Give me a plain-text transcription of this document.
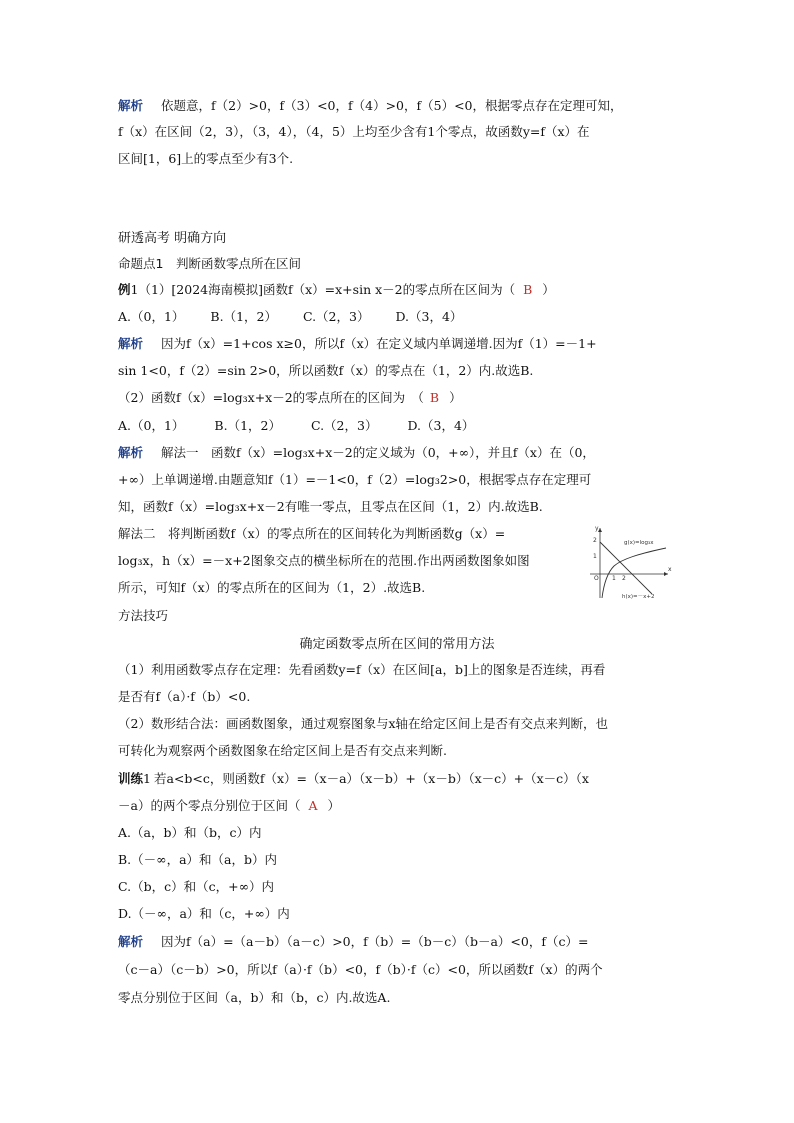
解析 依题意，f（2）>0，f（3）<0，f（4）>0，f（5）<0，根据零点存在定理可知，
f（x）在区间（2，3），（3，4），（4，5）上均至少含有1个零点，故函数y=f（x）在
区间[1，6]上的零点至少有3个.
研透高考 明确方向
命题点1　判断函数零点所在区间
例1（1）[2024海南模拟]函数f（x）=x+sin x－2的零点所在区间为（ B ）
A.（0，1） B.（1，2） C.（2，3） D.（3，4）
解析 因为f（x）=1+cos x≥0，所以f（x）在定义域内单调递增.因为f（1）=－1+
sin 1<0，f（2）=sin 2>0，所以函数f（x）的零点在（1，2）内.故选B.
（2）函数f（x）=log₃x+x－2的零点所在的区间为　（ B ）
A.（0，1） B.（1，2） C.（2，3） D.（3，4）
解析 解法一　函数f（x）=log₃x+x－2的定义域为（0，+∞），并且f（x）在（0，
+∞）上单调递增.由题意知f（1）=－1<0，f（2）=log₃2>0，根据零点存在定理可
知，函数f（x）=log₃x+x－2有唯一零点，且零点在区间（1，2）内.故选B.
解法二　将判断函数f（x）的零点所在的区间转化为判断函数g（x）=
log₃x，h（x）=－x+2图象交点的横坐标所在的范围.作出两函数图象如图
所示，可知f（x）的零点所在的区间为（1，2）.故选B.
y
x
O
2
1
1 2
g(x)=log₃x
h(x)=－x+2
方法技巧
确定函数零点所在区间的常用方法
（1）利用函数零点存在定理：先看函数y=f（x）在区间[a，b]上的图象是否连续，再看
是否有f（a）·f（b）<0.
（2）数形结合法：画函数图象，通过观察图象与x轴在给定区间上是否有交点来判断，也
可转化为观察两个函数图象在给定区间上是否有交点来判断.
训练1 若a<b<c，则函数f（x）=（x－a）（x－b）+（x－b）（x－c）+（x－c）（x
－a）的两个零点分别位于区间（ A ）
A.（a，b）和（b，c）内
B.（－∞，a）和（a，b）内
C.（b，c）和（c，+∞）内
D.（－∞，a）和（c，+∞）内
解析 因为f（a）=（a－b）（a－c）>0，f（b）=（b－c）（b－a）<0，f（c）=
（c－a）（c－b）>0，所以f（a）·f（b）<0，f（b）·f（c）<0，所以函数f（x）的两个
零点分别位于区间（a，b）和（b，c）内.故选A.
